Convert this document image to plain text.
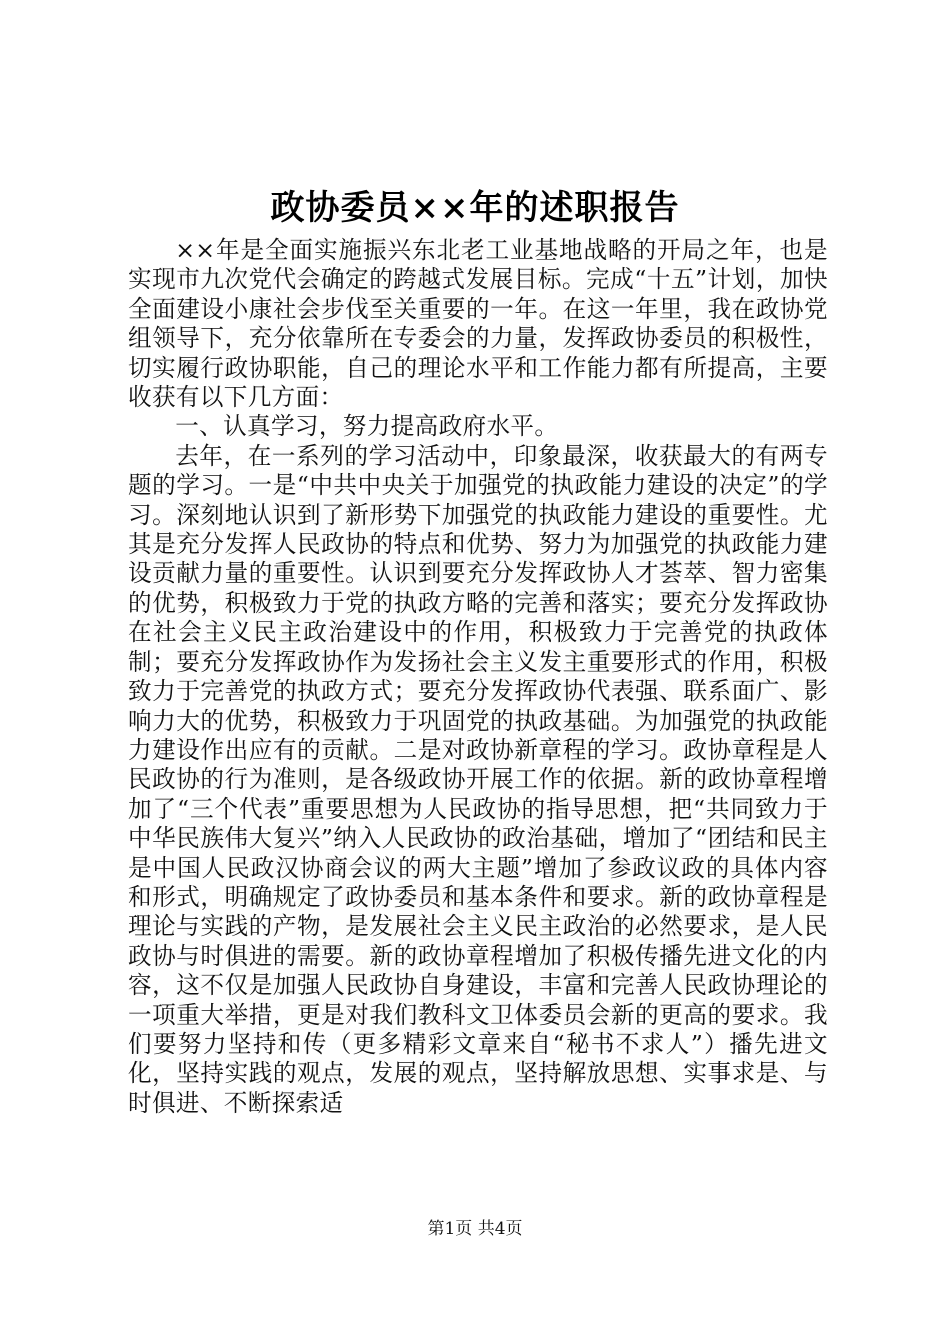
政协委员××年的述职报告

××年是全面实施振兴东北老工业基地战略的开局之年，也是实现市九次党代会确定的跨越式发展目标。完成“十五”计划，加快全面建设小康社会步伐至关重要的一年。在这一年里，我在政协党组领导下，充分依靠所在专委会的力量，发挥政协委员的积极性，切实履行政协职能，自己的理论水平和工作能力都有所提高，主要收获有以下几方面：

一、认真学习，努力提高政府水平。

去年，在一系列的学习活动中，印象最深，收获最大的有两专题的学习。一是“中共中央关于加强党的执政能力建设的决定”的学习。深刻地认识到了新形势下加强党的执政能力建设的重要性。尤其是充分发挥人民政协的特点和优势、努力为加强党的执政能力建设贡献力量的重要性。认识到要充分发挥政协人才荟萃、智力密集的优势，积极致力于党的执政方略的完善和落实；要充分发挥政协在社会主义民主政治建设中的作用，积极致力于完善党的执政体制；要充分发挥政协作为发扬社会主义发主重要形式的作用，积极致力于完善党的执政方式；要充分发挥政协代表强、联系面广、影响力大的优势，积极致力于巩固党的执政基础。为加强党的执政能力建设作出应有的贡献。二是对政协新章程的学习。政协章程是人民政协的行为准则，是各级政协开展工作的依据。新的政协章程增加了“三个代表”重要思想为人民政协的指导思想，把“共同致力于中华民族伟大复兴”纳入人民政协的政治基础，增加了“团结和民主是中国人民政汉协商会议的两大主题”增加了参政议政的具体内容和形式，明确规定了政协委员和基本条件和要求。新的政协章程是理论与实践的产物，是发展社会主义民主政治的必然要求，是人民政协与时俱进的需要。新的政协章程增加了积极传播先进文化的内容，这不仅是加强人民政协自身建设，丰富和完善人民政协理论的一项重大举措，更是对我们教科文卫体委员会新的更高的要求。我们要努力坚持和传（更多精彩文章来自“秘书不求人”）播先进文化，坚持实践的观点，发展的观点，坚持解放思想、实事求是、与时俱进、不断探索适

第1页 共4页
